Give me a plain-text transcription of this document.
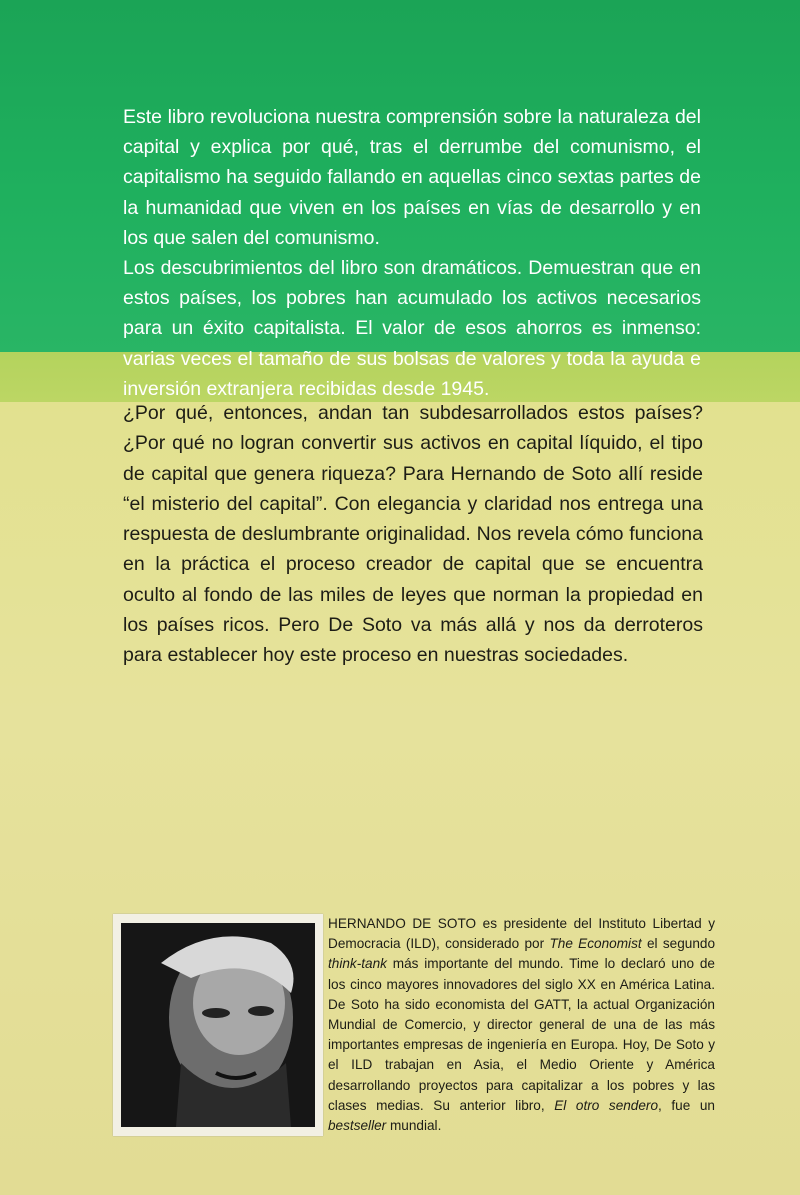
Este libro revoluciona nuestra comprensión sobre la naturaleza del capital y explica por qué, tras el derrumbe del comunismo, el capitalismo ha seguido fallando en aquellas cinco sextas partes de la humanidad que viven en los países en vías de desarrollo y en los que salen del comunismo.

Los descubrimientos del libro son dramáticos. Demuestran que en estos países, los pobres han acumulado los activos necesarios para un éxito capitalista. El valor de esos ahorros es inmenso: varias veces el tamaño de sus bolsas de valores y toda la ayuda e inversión extranjera recibidas desde 1945.

¿Por qué, entonces, andan tan subdesarrollados estos países? ¿Por qué no logran convertir sus activos en capital líquido, el tipo de capital que genera riqueza? Para Hernando de Soto allí reside “el misterio del capital”. Con elegancia y claridad nos entrega una respuesta de deslumbrante originalidad. Nos revela cómo funciona en la práctica el proceso creador de capital que se encuentra oculto al fondo de las miles de leyes que norman la propiedad en los países ricos. Pero De Soto va más allá y nos da derroteros para establecer hoy este proceso en nuestras sociedades.

HERNANDO DE SOTO es presidente del Instituto Libertad y Democracia (ILD), considerado por The Economist el segundo think-tank más importante del mundo. Time lo declaró uno de los cinco mayores innovadores del siglo XX en América Latina. De Soto ha sido economista del GATT, la actual Organización Mundial de Comercio, y director general de una de las más importantes empresas de ingeniería en Europa. Hoy, De Soto y el ILD trabajan en Asia, el Medio Oriente y América desarrollando proyectos para capitalizar a los pobres y las clases medias. Su anterior libro, El otro sendero, fue un bestseller mundial.
